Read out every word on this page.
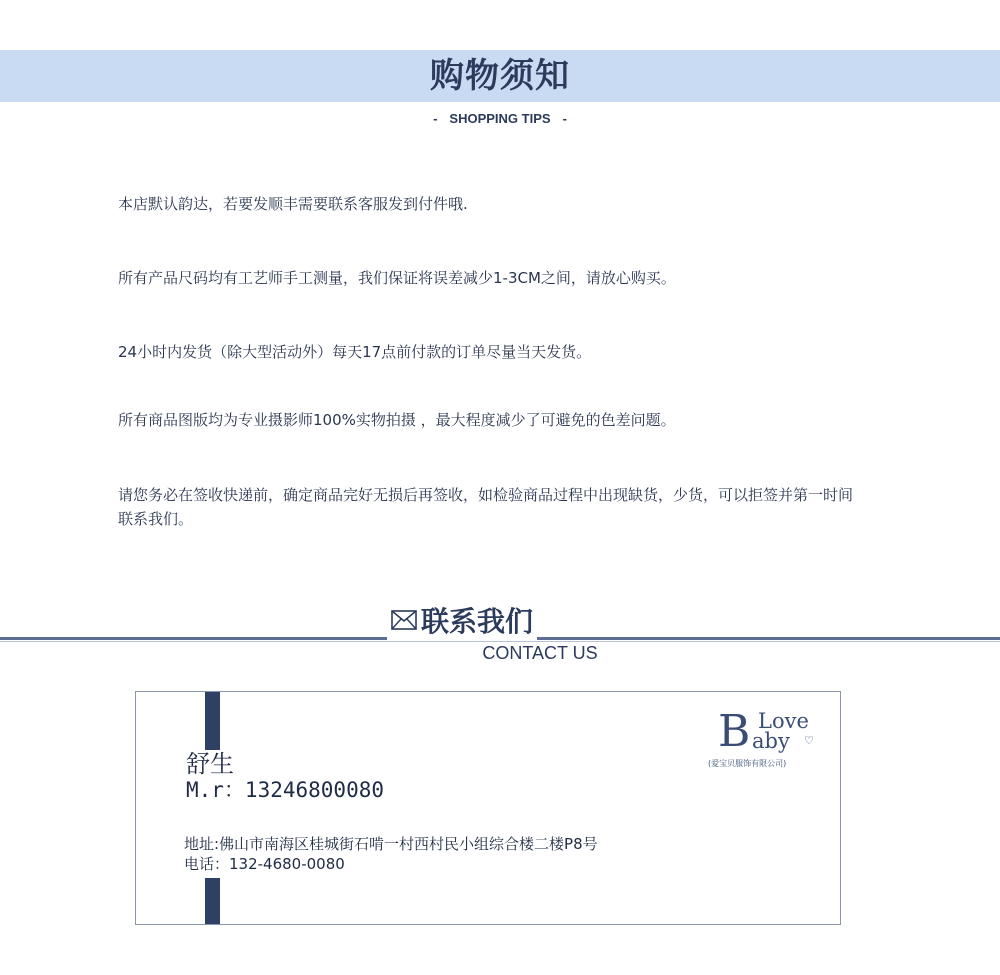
购物须知
- SHOPPING TIPS -
本店默认韵达，若要发顺丰需要联系客服发到付件哦.
所有产品尺码均有工艺师手工测量，我们保证将误差减少1-3CM之间，请放心购买。
24小时内发货（除大型活动外）每天17点前付款的订单尽量当天发货。
所有商品图版均为专业摄影师100%实物拍摄 ，最大程度减少了可避免的色差问题。
请您务必在签收快递前，确定商品完好无损后再签收，如检验商品过程中出现缺货，少货，可以拒签并第一时间联系我们。
联系我们
CONTACT US
舒生
M.r：13246800080
地址:佛山市南海区桂城街石啃一村西村民小组综合楼二楼P8号
电话：132-4680-0080
B Love
aby ♡
(爱宝贝服饰有限公司)
